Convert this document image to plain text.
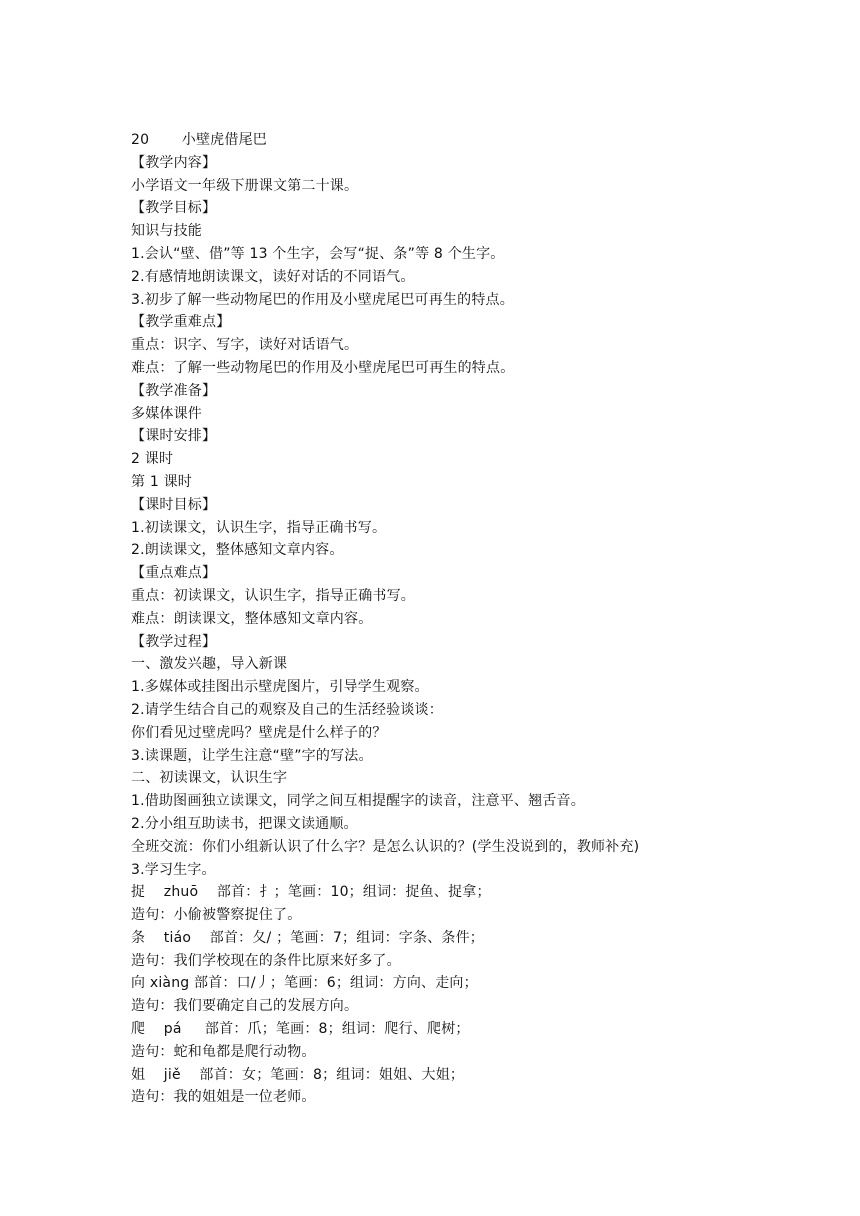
20       小壁虎借尾巴
【教学内容】
小学语文一年级下册课文第二十课。
【教学目标】
知识与技能
1.会认“壁、借”等 13 个生字，会写“捉、条”等 8 个生字。
2.有感情地朗读课文，读好对话的不同语气。
3.初步了解一些动物尾巴的作用及小壁虎尾巴可再生的特点。
【教学重难点】
重点：识字、写字，读好对话语气。
难点：了解一些动物尾巴的作用及小壁虎尾巴可再生的特点。
【教学准备】
多媒体课件
【课时安排】
2 课时
第 1 课时
【课时目标】
1.初读课文，认识生字，指导正确书写。
2.朗读课文，整体感知文章内容。
【重点难点】
重点：初读课文，认识生字，指导正确书写。
难点：朗读课文，整体感知文章内容。
【教学过程】
一、激发兴趣，导入新课
1.多媒体或挂图出示壁虎图片，引导学生观察。
2.请学生结合自己的观察及自己的生活经验谈谈：
你们看见过壁虎吗？壁虎是什么样子的？
3.读课题，让学生注意“壁”字的写法。
二、初读课文，认识生字
1.借助图画独立读课文，同学之间互相提醒字的读音，注意平、翘舌音。
2.分小组互助读书，把课文读通顺。
全班交流：你们小组新认识了什么字？是怎么认识的？(学生没说到的，教师补充)
3.学习生字。
捉    zhuō    部首：扌；笔画：10；组词：捉鱼、捉拿；
造句：小偷被警察捉住了。
条    tiáo    部首：夂/ ；笔画：7；组词：字条、条件；
造句：我们学校现在的条件比原来好多了。
向 xiàng 部首：口/丿；笔画：6；组词：方向、走向；
造句：我们要确定自己的发展方向。
爬    pá     部首：爪；笔画：8；组词：爬行、爬树；
造句：蛇和龟都是爬行动物。
姐    jiě    部首：女；笔画：8；组词：姐姐、大姐；
造句：我的姐姐是一位老师。
